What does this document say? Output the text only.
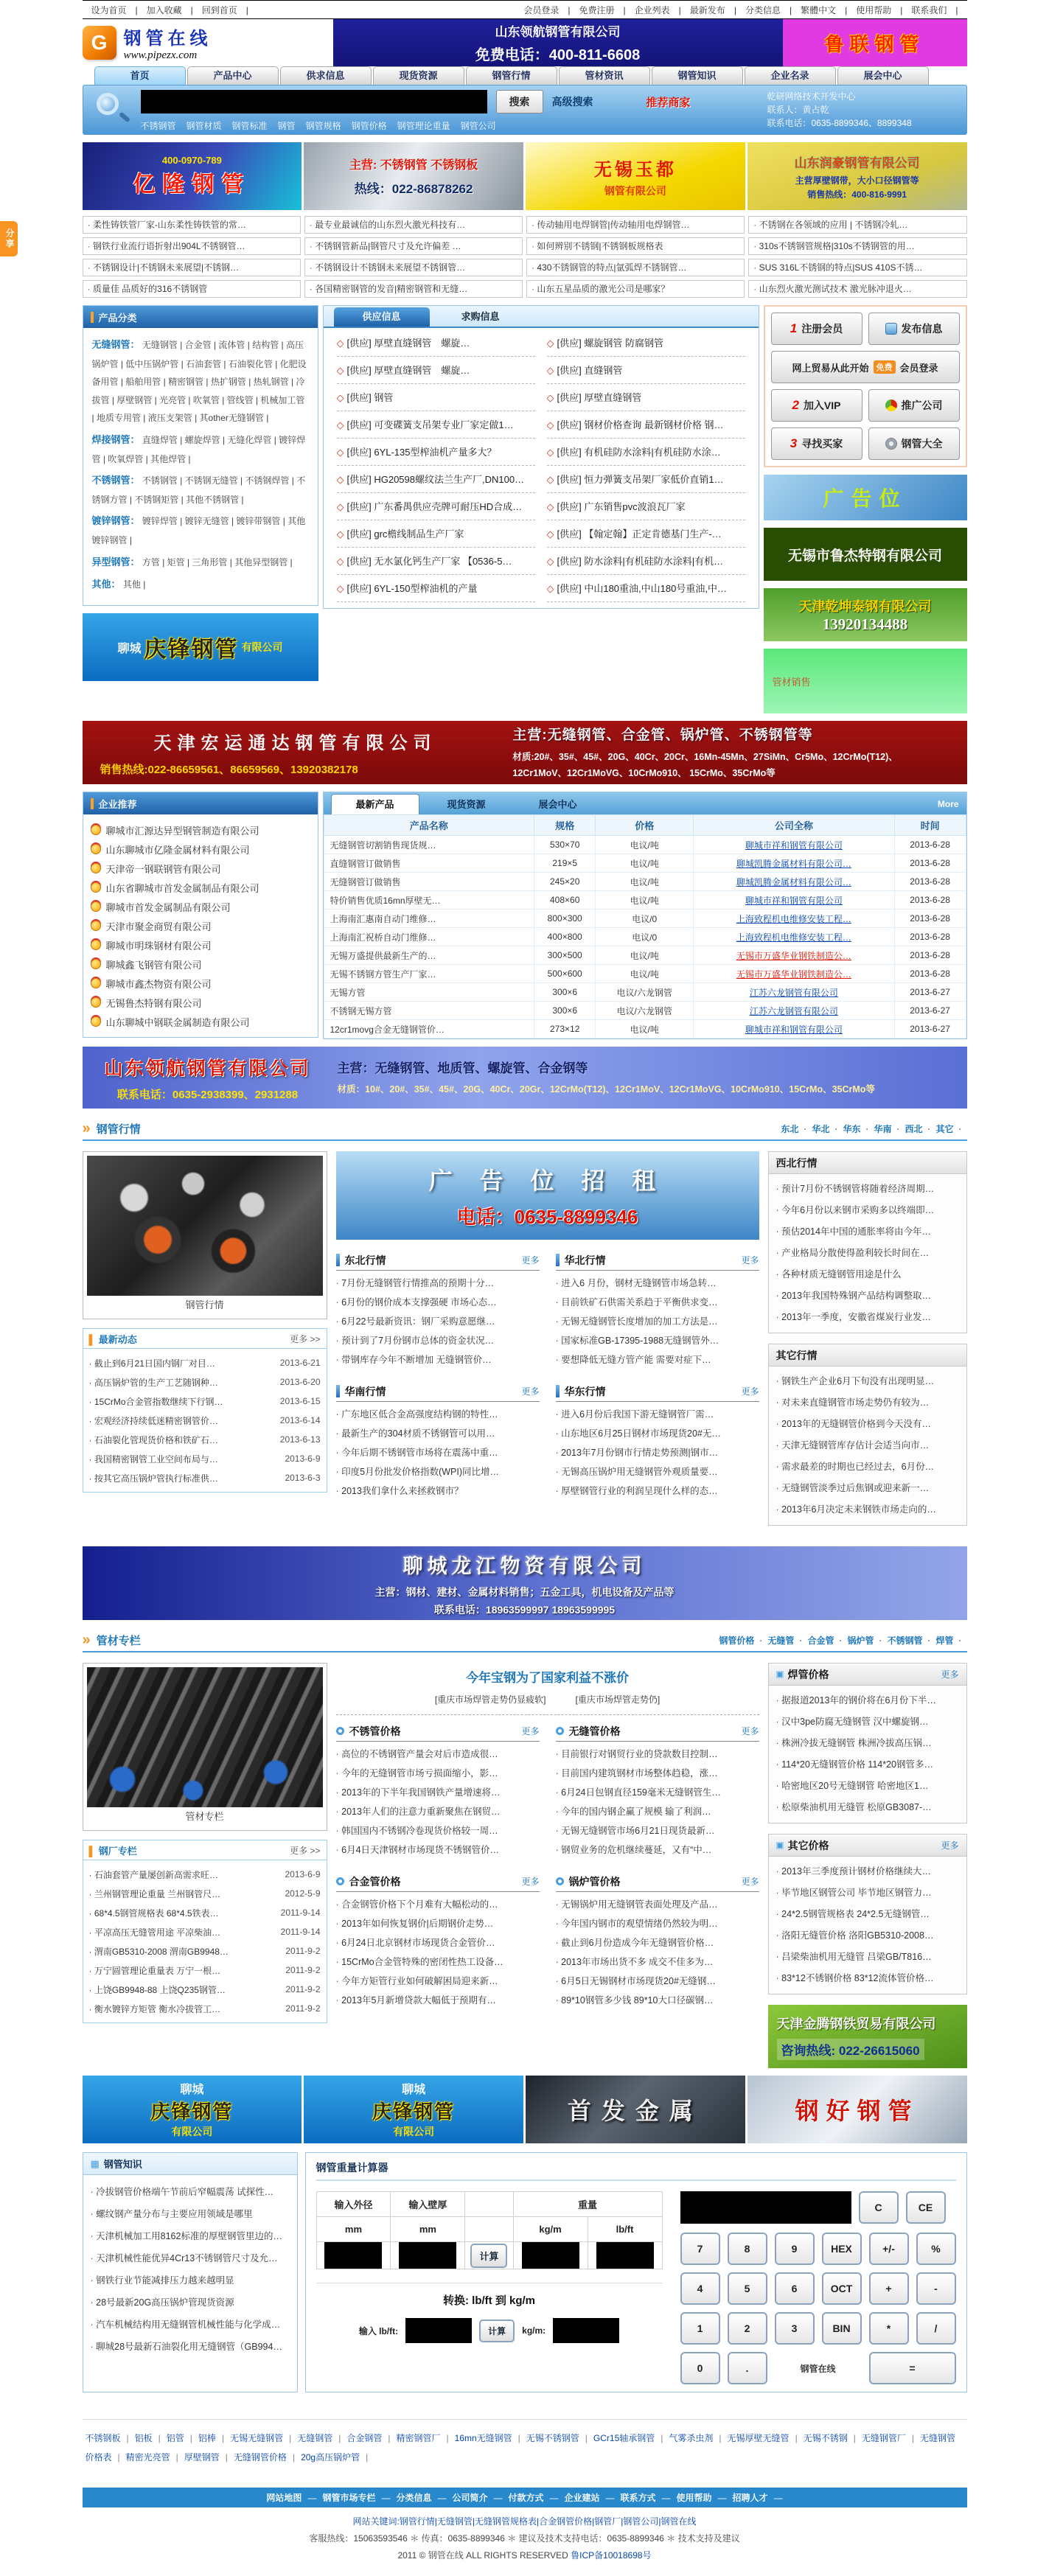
分享
设为首页 | 加入收藏 | 回到首页 |	会员登录 | 免费注册 | 企业列表 | 最新发布 | 分类信息 | 繁體中文 | 使用帮助 | 联系我们 |
G 钢管在线
www.pipezx.com
山东领航钢管有限公司
免费电话：400-811-6608
鲁联钢管
首页	产品中心	供求信息	现货资源	钢管行情	管材资讯	钢管知识	企业名录	展会中心
搜索	高级搜索	推荐商家
不锈钢管 钢管材质 钢管标准 钢管 钢管规格 钢管价格 钢管理论重量 钢管公司
乾研网络技术开发中心
联系人：黄占乾
联系电话：0635-8899346、8899348
400-0970-789
亿隆钢管
主营: 不锈钢管 不锈钢板
热线：022-86878262
无锡玉都
钢管有限公司
山东润豪钢管有限公司
主营厚壁钢带，大小口径钢管等
销售热线：400-816-9991
· 柔性铸铁管厂家-山东柔性铸铁管的常…	· 最专业最诚信的山东烈火激光科技有…	· 传动轴用电焊钢管|传动轴用电焊钢管…	· 不锈钢在各领域的应用 | 不锈钢冷轧…
· 钢铁行业流行语折射出904L不锈钢管…	· 不锈钢管新品|钢管尺寸及允许偏差 …	· 如何辨别不锈钢|不锈钢板规格表	· 310s不锈钢管规格|310s不锈钢管的用…
· 不锈钢设计|不锈钢未来展望|不锈钢…	· 不锈钢设计不锈钢未来展望不锈钢管…	· 430不锈钢管的特点|氩弧焊不锈钢管…	· SUS 316L不锈钢的特点|SUS 410S不锈…
· 质量佳 品质好的316不锈钢管	· 各国精密钢管的发音|精密钢管和无缝…	· 山东五星品质的激光公司是哪家？	· 山东烈火激光测试技术 激光脉冲退火…
产品分类
无缝钢管： 无缝钢管 | 合金管 | 流体管 | 结构管 | 高压锅炉管 | 低中压锅炉管 | 石油套管 | 石油裂化管 | 化肥设备用管 | 船舶用管 | 精密钢管 | 热扩钢管 | 热轧钢管 | 冷拔管 | 厚壁钢管 | 光亮管 | 吹氧管 | 管线管 | 机械加工管 | 地质专用管 | 液压支架管 | 其other无缝钢管 |
焊接钢管： 直缝焊管 | 螺旋焊管 | 无缝化焊管 | 镀锌焊管 | 吹氧焊管 | 其他焊管 |
不锈钢管： 不锈钢管 | 不锈钢无缝管 | 不锈钢焊管 | 不锈钢方管 | 不锈钢矩管 | 其他不锈钢管 |
镀锌钢管： 镀锌焊管 | 镀锌无缝管 | 镀锌带钢管 | 其他镀锌钢管 |
异型钢管： 方管 | 矩管 | 三角形管 | 其他异型钢管 |
其他： 其他 |
聊城 庆锋钢管 有限公司
供应信息	求购信息
◇ [供应] 厚壁直缝钢管　螺旋…
◇ [供应] 厚壁直缝钢管　螺旋…
◇ [供应] 钢管
◇ [供应] 可变碟簧支吊架专业厂家定做1…
◇ [供应] 6YL-135型榨油机产量多大？
◇ [供应] HG20598螺纹法兰生产厂,DN100…
◇ [供应] 广东番禺供应壳牌可耐压HD合成…
◇ [供应] grc檐线制品生产厂家
◇ [供应] 无水氯化钙生产厂家 【0536-5…
◇ [供应] 6YL-150型榨油机的产量
◇ [供应] 螺旋钢管 防腐钢管
◇ [供应] 直缝钢管
◇ [供应] 厚壁直缝钢管
◇ [供应] 钢材价格查询 最新钢材价格 钢…
◇ [供应] 有机硅防水涂料|有机硅防水涂…
◇ [供应] 恒力弹簧支吊架厂家低价直销1…
◇ [供应] 广东销售pvc波浪瓦厂家
◇ [供应] 【翰定翰】正定肯德基门生产-…
◇ [供应] 防水涂料|有机硅防水涂料|有机…
◇ [供应] 中山180重油,中山180号重油,中…
1 注册会员	发布信息
网上贸易从此开始 免费 会员登录
2 加入VIP	推广公司
3 寻找买家	钢管大全
广告位
无锡市鲁杰特钢有限公司
天津乾坤泰钢有限公司
13920134488
管材销售
天津宏运通达钢管有限公司
销售热线:022-86659561、86659569、13920382178
主营:无缝钢管、合金管、锅炉管、不锈钢管等
材质:20#、35#、45#、20G、40Cr、20Cr、16Mn-45Mn、27SiMn、Cr5Mo、12CrMo(T12)、12Cr1MoV、12Cr1MoVG、10CrMo910、 15CrMo、35CrMo等
企业推荐
聊城市汇源达异型钢管制造有限公司
山东聊城市亿隆金属材料有限公司
天津帝一钢联钢管有限公司
山东省聊城市首发金属制品有限公司
聊城市首发金属制品有限公司
天津市聚金商贸有限公司
聊城市明珠钢材有限公司
聊城鑫飞钢管有限公司
聊城市鑫杰物资有限公司
无锡鲁杰特钢有限公司
山东聊城中钢联金属制造有限公司
最新产品	现货资源	展会中心	More
产品名称	规格	价格	公司全称	时间
无缝钢管切割销售现货规…	530×70	电议/吨	聊城市祥和钢管有限公司	2013-6-28
直缝钢管订做销售	219×5	电议/吨	聊城凯腾金属材料有限公司…	2013-6-28
无缝钢管订做销售	245×20	电议/吨	聊城凯腾金属材料有限公司…	2013-6-28
特价销售优质16mn厚壁无…	408×60	电议/吨	聊城市祥和钢管有限公司	2013-6-28
上海南汇惠南自动门维修…	800×300	电议/0	上海致程机电维修安装工程…	2013-6-28
上海南汇祝桥自动门维修…	400×800	电议/0	上海致程机电维修安装工程…	2013-6-28
无锡万盛提供最新生产的…	300×500	电议/吨	无锡市万盛华业钢铁制造公…	2013-6-28
无锡不锈钢方管生产厂家…	500×600	电议/吨	无锡市万盛华业钢铁制造公…	2013-6-28
无锡方管	300×6	电议/六龙钢管	江苏六龙钢管有限公司	2013-6-27
不锈钢无锡方管	300×6	电议/六龙钢管	江苏六龙钢管有限公司	2013-6-27
12cr1movg合金无缝钢管价…	273×12	电议/吨	聊城市祥和钢管有限公司	2013-6-27
山东领航钢管有限公司
联系电话：0635-2938399、2931288
主营：无缝钢管、地质管、螺旋管、合金钢等
材质：10#、20#、35#、45#、20G、40Cr、20Gr、12CrMo(T12)、12Cr1MoV、12Cr1MoVG、10CrMo910、15CrMo、35CrMo等
» 钢管行情	东北 · 华北 · 华东 · 华南 · 西北 · 其它 ·
钢管行情
▌ 最新动态	更多 >>
· 截止到6月21日国内钢厂对目…	2013-6-21
· 高压锅炉管的生产工艺随钢种…	2013-6-20
· 15CrMo合金管指数继续下行钢…	2013-6-15
· 宏观经济持续低迷精密钢管价…	2013-6-14
· 石油裂化管现货价格和铁矿石…	2013-6-13
· 我国精密钢管工业空间布局与…	2013-6-9
· 按其它高压锅炉管执行标准供…	2013-6-3
广 告 位 招 租
电话：0635-8899346
东北行情	更多
· 7月份无缝钢管行情推高的预期十分…
· 6月份的钢价成本支撑强硬 市场心态…
· 6月22号最新资讯：钢厂采购意愿继…
· 预计到了7月份钢市总体的资金状况…
· 带钢库存今年不断增加 无缝钢管价…
华北行情	更多
· 进入6 月份，钢材无缝钢管市场急转…
· 目前铁矿石供需关系趋于平衡供求变…
· 无锡无缝钢管长度增加的加工方法是…
· 国家标准GB-17395-1988无缝钢管外…
· 要想降低无缝方管产能 需要对症下…
华南行情	更多
· 广东地区低合金高强度结构钢的特性…
· 最新生产的304材质不锈钢管可以用…
· 今年后期不锈钢管市场将在震荡中重…
· 印度5月份批发价格指数(WPI)同比增…
· 2013我们拿什么来拯救钢市？
华东行情	更多
· 进入6月份后我国下游无缝钢管厂需…
· 山东地区6月25日钢材市场现货20#无…
· 2013年7月份钢市行情走势预测|钢市…
· 无锡高压锅炉用无缝钢管外观质量要…
· 厚壁钢管行业的利润呈现什么样的态…
西北行情
· 预计7月份不锈钢管将随着经济周期…
· 今年6月份以来钢市采购多以终端即…
· 预估2014年中国的通胀率将由今年…
· 产业格局分散使得盈利较长时间在…
· 各种材质无缝钢管用途是什么
· 2013年我国特殊钢产品结构调整取…
· 2013年一季度，安徽省煤炭行业发…
其它行情
· 钢铁生产企业6月下旬没有出现明显…
· 对未来直缝钢管市场走势仍有较为…
· 2013年的无缝钢管价格到今天没有…
· 天津无缝钢管库存估计会适当向市…
· 需求最差的时期也已经过去，6月份…
· 无缝钢管淡季过后焦钢或迎来新一…
· 2013年6月决定未来钢铁市场走向的…
聊城龙江物资有限公司
主营：钢材、建材、金属材料销售；五金工具，机电设备及产品等
联系电话：18963599997 18963599995
» 管材专栏	钢管价格 · 无缝管 · 合金管 · 锅炉管 · 不锈钢管 · 焊管 ·
管材专栏
▌ 钢厂专栏	更多 >>
· 石油套管产量屡创新高需求旺…	2013-6-9
· 兰州钢管理论重量 兰州钢管尺…	2012-5-9
· 68*4.5钢管规格表 68*4.5铁表…	2011-9-14
· 平凉高压无缝管用途 平凉柴油…	2011-9-14
· 渭南GB5310-2008 渭南GB9948…	2011-9-2
· 万宁圆管理论重量表 万宁一根…	2011-9-2
· 上饶GB9948-88 上饶Q235钢管…	2011-9-2
· 衡水镀锌方矩管 衡水冷拔管工…	2011-9-2
今年宝钢为了国家利益不涨价
[重庆市场焊管走势仍显疲软]	[重庆市场焊管走势仍]
不锈管价格	更多
· 高位的不锈钢管产量会对后市造成很…
· 今年的无缝钢管市场亏损面缩小，影…
· 2013年的下半年我国钢铁产量增速将…
· 2013年人们的注意力重新聚焦在钢贸…
· 韩国国内不锈钢冷卷现货价格较一周…
· 6月4日天津钢材市场现货不锈钢管价…
无缝管价格	更多
· 目前银行对钢贸行业的贷款数目控制…
· 目前国内建筑钢材市场整体趋稳，涨…
· 6月24日包钢直径159毫米无缝钢管生…
· 今年的国内钢企赢了规模 输了利润…
· 无锡无缝钢管市场6月21日现货最新…
· 钢贸业务的危机继续蔓延，又有“中…
合金管价格	更多
· 合金钢管价格下个月难有大幅松动的…
· 2013年如何恢复钢价|后期钢价走势…
· 6月24日北京钢材市场现货合金管价…
· 15CrMo合金管特殊的密闭性热工设备…
· 今年方矩管行业如何破解困局迎来新…
· 2013年5月新增贷款大幅低于预期有…
锅炉管价格	更多
· 无锡锅炉用无缝钢管表面处理及产品…
· 今年国内钢市的观望情绪仍然较为明…
· 截止到6月份造成今年无缝钢管价格…
· 2013年市场出货不多 成交不佳多为…
· 6月5日无锡钢材市场现货20#无缝钢…
· 89*10钢管多少钱 89*10大口径碳钢…
焊管价格	更多
· 据报道2013年的钢价将在6月份下半…
· 汉中3pe防腐无缝钢管 汉中螺旋钢…
· 株洲冷拔无缝钢管 株洲冷拔高压锅…
· 114*20无缝钢管价格 114*20钢管多…
· 哈密地区20号无缝钢管 哈密地区1…
· 松原柴油机用无缝管 松原GB3087-…
其它价格	更多
· 2013年三季度预计钢材价格继续大…
· 毕节地区钢管公司 毕节地区钢管力…
· 24*2.5钢管规格表 24*2.5无缝钢管…
· 洛阳无缝管价格 洛阳GB5310-2008…
· 吕梁柴油机用无缝管 吕梁GB/T816…
· 83*12不锈钢价格 83*12流体管价格…
天津金腾钢铁贸易有限公司
咨询热线: 022-26615060
聊城
庆锋钢管
有限公司
聊城
庆锋钢管
有限公司
首发金属	钢好钢管
▦ 钢管知识
· 冷拔钢管价格端午节前后窄幅震荡 试探性…
· 螺纹钢产量分布与主要应用领域是哪里
· 天津机械加工用8162标准的厚壁钢管里边的…
· 天津机械性能优异4Cr13不锈钢管尺寸及允…
· 钢铁行业节能减排压力越来越明显
· 28号最新20G高压锅炉管现货资源
· 汽车机械结构用无缝钢管机械性能与化学成…
· 聊城28号最新石油裂化用无缝钢管（GB994…
钢管重量计算器
输入外径	输入壁厚		重量	
mm	mm		kg/m	lb/ft
		计算		
转换: lb/ft 到 kg/m
输入 lb/ft:	计算	kg/m:
C	CE
7	8	9	HEX	+/-	%
4	5	6	OCT	+	-
1	2	3	BIN	*	/
0	.	钢管在线	=
不锈钢板 | 铝板 | 铝管 | 铝棒 | 无锡无缝钢管 | 无缝钢管 | 合金钢管 | 精密钢管厂 | 16mn无缝钢管 | 无锡不锈钢管 | GCr15轴承钢管 | 气雾杀虫剂 | 无锡厚壁无缝管 | 无锡不锈钢 | 无缝钢管厂 | 无缝钢管价格表 | 精密光亮管 | 厚壁钢管 | 无缝钢管价格 | 20g高压锅炉管 |
网站地图 — 钢管市场专栏 — 分类信息 — 公司简介 — 付款方式 — 企业建站 — 联系方式 — 使用帮助 — 招聘人才 —
网站关键词:钢管行情|无缝钢管|无缝钢管规格表|合金钢管价格|钢管厂|钢管公司|钢管在线
客服热线：15063593546 ＊ 传真：0635-8899346 ＊ 建议及技术支持电话：0635-8899346 ＊ 技术支持及建议
2011 © 钢管在线 ALL RIGHTS RESERVED 鲁ICP备10018698号
